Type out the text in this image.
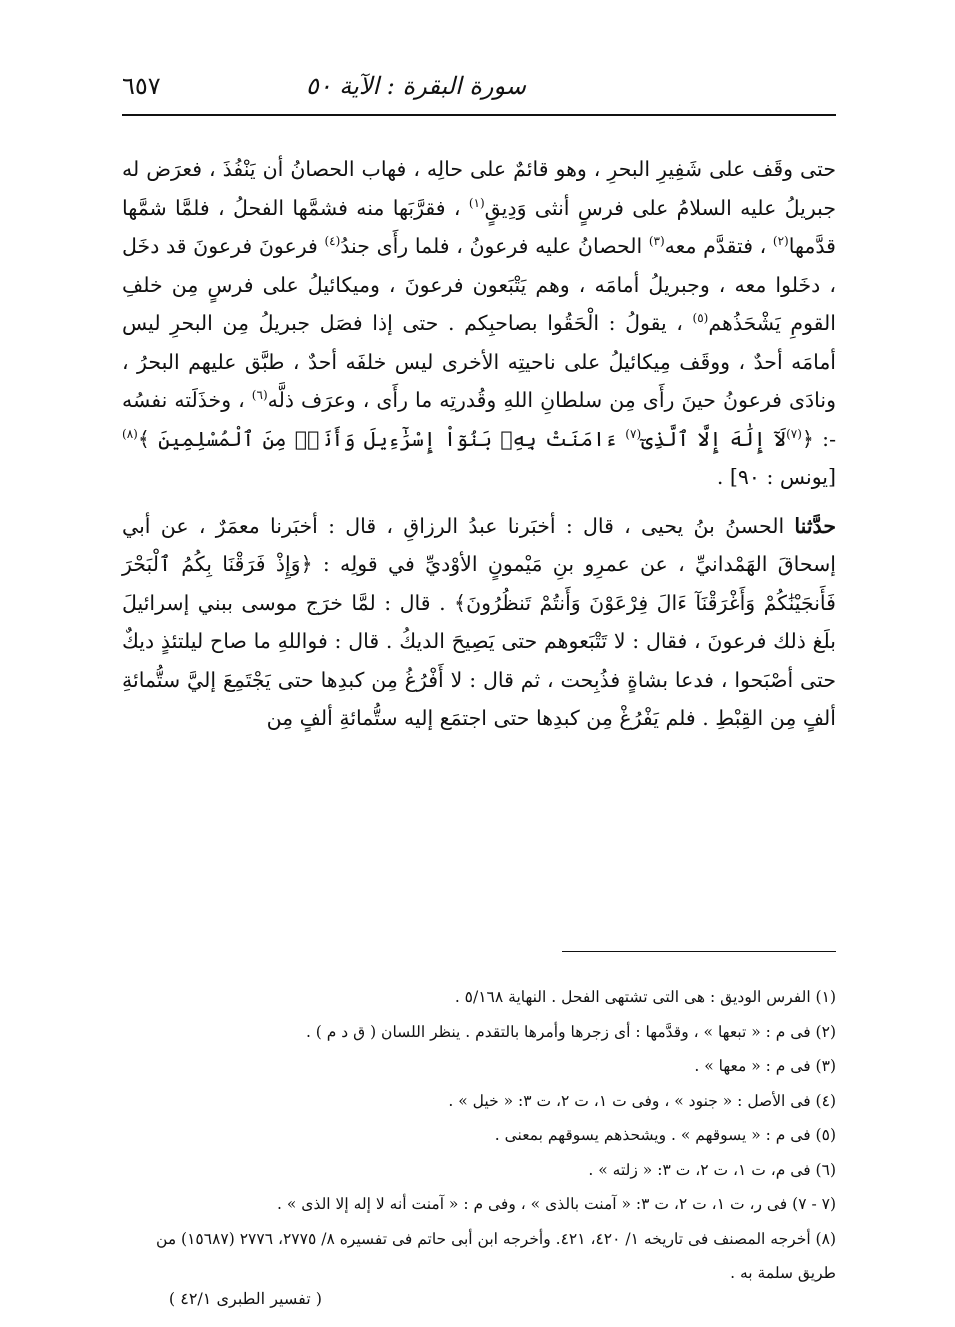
سورة البقرة : الآية ٥٠
٦٥٧

حتى وقَف على شَفِيرِ البحرِ ، وهو قائمٌ على حالِه ، فهاب الحصانُ أن يَنْفُذَ ، فعرَض له جبريلُ عليه السلامُ على فرسٍ أنثى وَدِيقٍ$^{(١)}$ ، فقرَّبَها منه فشمَّها الفحلُ ، فلمَّا شمَّها قدَّمها$^{(٢)}$ ، فتقدَّم معه$^{(٣)}$ الحصانُ عليه فرعونُ ، فلما رأَى جندُ$^{(٤)}$ فرعونَ فرعونَ قد دخَل ، دخَلوا معه ، وجبريلُ أمامَه ، وهم يَتْبَعون فرعونَ ، وميكائيلُ على فرسٍ مِن خلفِ القومِ يَشْحَذُهم$^{(٥)}$ ، يقولُ : الْحَقُوا بصاحبِكم . حتى إذا فصَل جبريلُ مِن البحرِ ليس أمامَه أحدٌ ، ووقَف مِيكائيلُ على ناحيتِه الأخرى ليس خلفَه أحدٌ ، طبَّق عليهم البحرُ ، ونادَى فرعونُ حينَ رأَى مِن سلطانِ اللهِ وقُدرتِه ما رأَى ، وعرَف ذلَّه$^{(٦)}$ ، وخذَلَته نفسُه -: ﴿$^{(٧)}$لَآ إِلَٰهَ إِلَّا ٱلَّذِىٓ$^{(٧)}$ ءَامَنَتْ بِهِۦ بَنُوٓاْ إِسْرَٰٓءِيلَ وَأَنَا۠ مِنَ ٱلْمُسْلِمِينَ ﴾$^{(٨)}$ [يونس : ٩٠] .

حدَّثنا الحسنُ بنُ يحيى ، قال : أخبَرنا عبدُ الرزاقِ ، قال : أخبَرنا معمَرٌ ، عن أبي إسحاقَ الهَمْدانيِّ ، عن عمرِو بنِ مَيْمونٍ الأوْديِّ في قولِه : ﴿وَإِذْ فَرَقْنَا بِكُمُ ٱلْبَحْرَ فَأَنجَيْنَٰكُمْ وَأَغْرَقْنَآ ءَالَ فِرْعَوْنَ وَأَنتُمْ تَنظُرُونَ﴾ . قال : لمَّا خرَج موسى ببني إسرائيلَ بلَغ ذلك فرعونَ ، فقال : لا تَتْبَعوهم حتى يَصِيحَ الديكُ . قال : فواللهِ ما صاح ليلتئذٍ ديكٌ حتى أصْبَحوا ، فدعا بشاةٍ فذُبِحت ، ثم قال : لا أَفْرُغُ مِن كبدِها حتى يَجْتَمِعَ إليَّ ستُّمائةِ ألفٍ مِن القِبْطِ . فلم يَفْرُغْ مِن كبدِها حتى اجتمَع إليه ستُّمائةِ ألفٍ مِن

(١) الفرس الوديق : هى التى تشتهى الفحل . النهاية ٥/١٦٨ .

(٢) فى م : « تبعها » ، وقدَّمها : أى زجرها وأمرها بالتقدم . ينظر اللسان ( ق د م ) .

(٣) فى م : « معها » .

(٤) فى الأصل : « جنود » ، وفى ت ١، ت ٢، ت ٣: « خيل » .

(٥) فى م : « يسوقهم » . ويشحذهم يسوقهم بمعنى .

(٦) فى م، ت ١، ت ٢، ت ٣: « زلته » .

(٧ - ٧) فى ر، ت ١، ت ٢، ت ٣: « آمنت بالذى » ، وفى م : « آمنت أنه لا إله إلا الذى » .

(٨) أخرجه المصنف فى تاريخه ١/ ٤٢٠، ٤٢١. وأخرجه ابن أبى حاتم فى تفسيره ٨/ ٢٧٧٥، ٢٧٧٦ (١٥٦٨٧) من طريق سلمة به .

( تفسير الطبرى ٤٢/١ )
